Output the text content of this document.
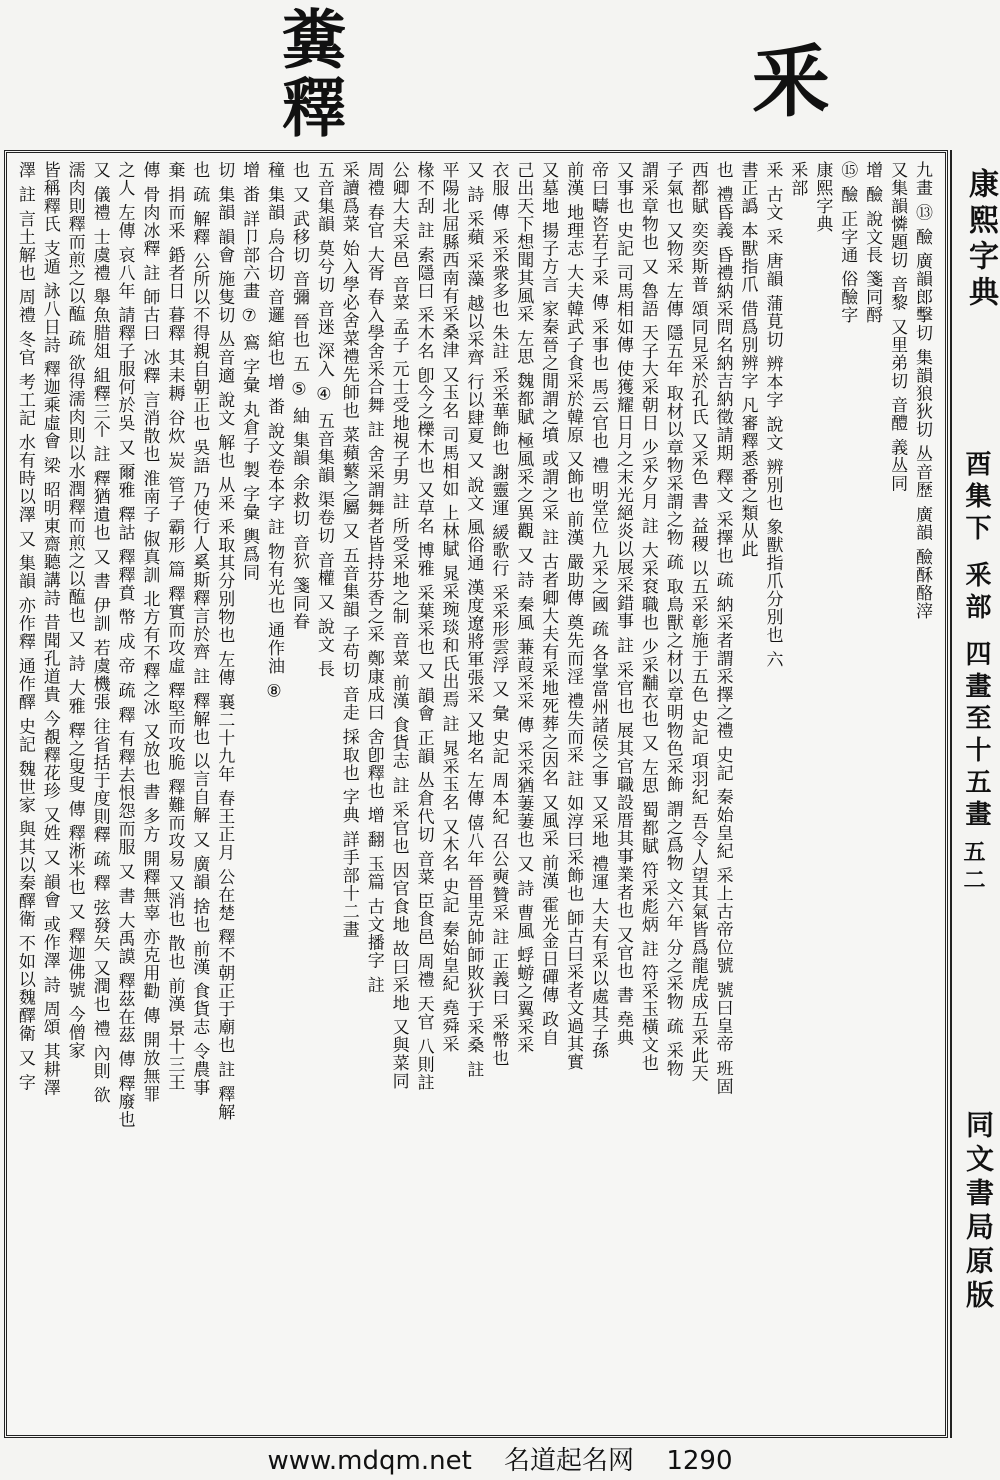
糞釋	釆
九畫 ⑬ 醶 廣韻郎擊切 集韻狼狄切 丛音歷 廣韻 醶酥酪滓
又集韻憐題切 音黎 又里弟切 音醴 義丛同
增 醶 說文長 箋同酹
⑮ 醶 正字通 俗醶字
康熙字典
釆部
釆 古文 采 唐韻 蒲莧切 辨本字 說文 辨別也 象獸指爪分別也 六
書正譌 本獸指爪 借爲別辨字 凡審釋悉番之類从此
也 禮昏義 昏禮納采問名納吉納徵請期 釋文 采擇也 疏 納采者謂采擇之禮 史記 秦始皇紀 采上古帝位號 號曰皇帝 班固
西都賦 奕奕斯普 頌同見采於孔氏 又采色 書 益稷 以五采彰施于五色 史記 項羽紀 吾令人望其氣皆爲龍虎成五采此天
子氣也 又物采 左傳 隱五年 取材以章物采謂之物 疏 取鳥獸之材以章明物色采飾 謂之爲物 文六年 分之采物 疏 采物
謂采章物也 又 魯語 天子大采朝日 少采夕月 註 大采袞職也 少采黼衣也 又 左思 蜀都賦 符采彪炳 註 符采玉橫文也
又事也 史記 司馬相如傳 使獲耀日月之末光絕炎以展采錯事 註 采官也 展其官職設厝其事業者也 又官也 書 堯典
帝曰疇咨若子采 傳 采事也 馬云官也 禮 明堂位 九采之國 疏 各掌當州諸侯之事 又采地 禮運 大夫有采以處其子孫
前漢 地理志 大夫韓武子食采於韓原 又飾也 前漢 嚴助傳 奠先而淫 禮失而采 註 如淳曰采飾也 師古曰采者文過其實
又墓地 揚子方言 家秦晉之閒謂之墳 或謂之采 註 古者卿大夫有采地死葬之因名 又風采 前漢 霍光金日磾傳 政自
己出天下想聞其風采 左思 魏都賦 極風采之異觀 又 詩 秦風 蒹葭采采 傳 采采猶萋萋也 又 詩 曹風 蜉蝣之翼采采
衣服 傳 采采衆多也 朱註 采采華飾也 謝靈運 緩歌行 采采形雲浮 又 彙 史記 周本紀 召公奭贊采 註 正義曰 采幣也
又 詩 采蘋 采藻 越以采齊 行以肆夏 又 說文 風俗通 漢度遼將軍張采 又地名 左傳 僖八年 晉里克帥師敗狄于采桑 註
平陽北屈縣西南有采桑津 又玉名 司馬相如 上林賦 晁采琬琰和氏出焉 註 晁采玉名 又木名 史記 秦始皇紀 堯舜采
椽不刮 註 索隱曰 采木名 卽今之櫟木也 又草名 博雅 采葉采也 又 韻會 正韻 丛倉代切 音菜 臣食邑 周禮 天官 八則註
公卿大夫采邑 音菜 孟子 元士受地視子男 註 所受采地之制 音菜 前漢 食貨志 註 采官也 因官食地 故曰采地 又與菜同
周禮 春官 大胥 春入學舍采合舞 註 舍采謂舞者皆持芬香之采 鄭康成曰 舍卽釋也 增 翻 玉篇 古文播字 註
采讀爲菜 始入學必舍菜禮先師也 菜蘋蘩之屬 又 五音集韻 子苟切 音走 採取也 字典 詳手部十二畫
五音集韻 莫兮切 音迷 深入 ④ 五音集韻 渠卷切 音權 又 說文 長
也 又 武移切 音彌 晉也 五 ⑤ 紬 集韻 余救切 音狖 箋同眷
穜 集韻 烏合切 音邏 綰也 增 畨 說文卷本字 註 物有光也 通作油 ⑧
增 畨 詳卩部六畫 ⑦ 鵉 字彙 丸倉子 製 字彙 輿爲同
切 集韻 韻會 施隻切 丛音適 說文 解也 从釆 釆取其分別物也 左傳 襄二十九年 春王正月 公在楚 釋不朝正于廟也 註 釋解
也 疏 解釋 公所以不得親自朝正也 吳語 乃使行人奚斯釋言於齊 註 釋解也 以言自解 又 廣韻 捨也 前漢 食貨志 令農事
棄 捐而釆 銽者日 暮釋 其耒耨 谷炊 炭 管子 霸形 篇 釋實而攻虛 釋堅而攻脆 釋難而攻易 又消也 散也 前漢 景十三王
傳 骨肉冰釋 註 師古曰 冰釋 言消散也 淮南子 俶真訓 北方有不釋之冰 又放也 書 多方 開釋無辜 亦克用勸 傳 開放無罪
之人 左傳 哀八年 請釋子服何於吳 又 爾雅 釋詁 釋釋賁 幣 成 帝 疏 釋 有釋去恨怨而服 又 書 大禹謨 釋茲在茲 傳 釋廢也
又 儀禮 士虞禮 舉魚腊俎 組釋三个 註 釋猶遺也 又 書 伊訓 若虞機張 往省括于度則釋 疏 釋 弦發矢 又潤也 禮 內則 欲
濡肉則釋而煎之以醢 疏 欲得濡肉則以水潤釋而煎之以醢也 又 詩 大雅 釋之叟叟 傳 釋淅米也 又 釋迦佛號 今僧家
皆稱釋氏 支遁 詠八日詩 釋迦乘虛會 梁 昭明東齋聽講詩 昔聞孔道貴 今覩釋花珍 又姓 又 韻會 或作澤 詩 周頌 其耕澤
澤 註 言土解也 周禮 冬官 考工記 水有時以澤 又 集韻 亦作釋 通作醳 史記 魏世家 與其以秦醳衛 不如以魏醳衛 又 字	康熙字典
酉集下 釆部 四畫至十五畫
五二
同文書局原版
www.mdqm.net 名道起名网 1290
